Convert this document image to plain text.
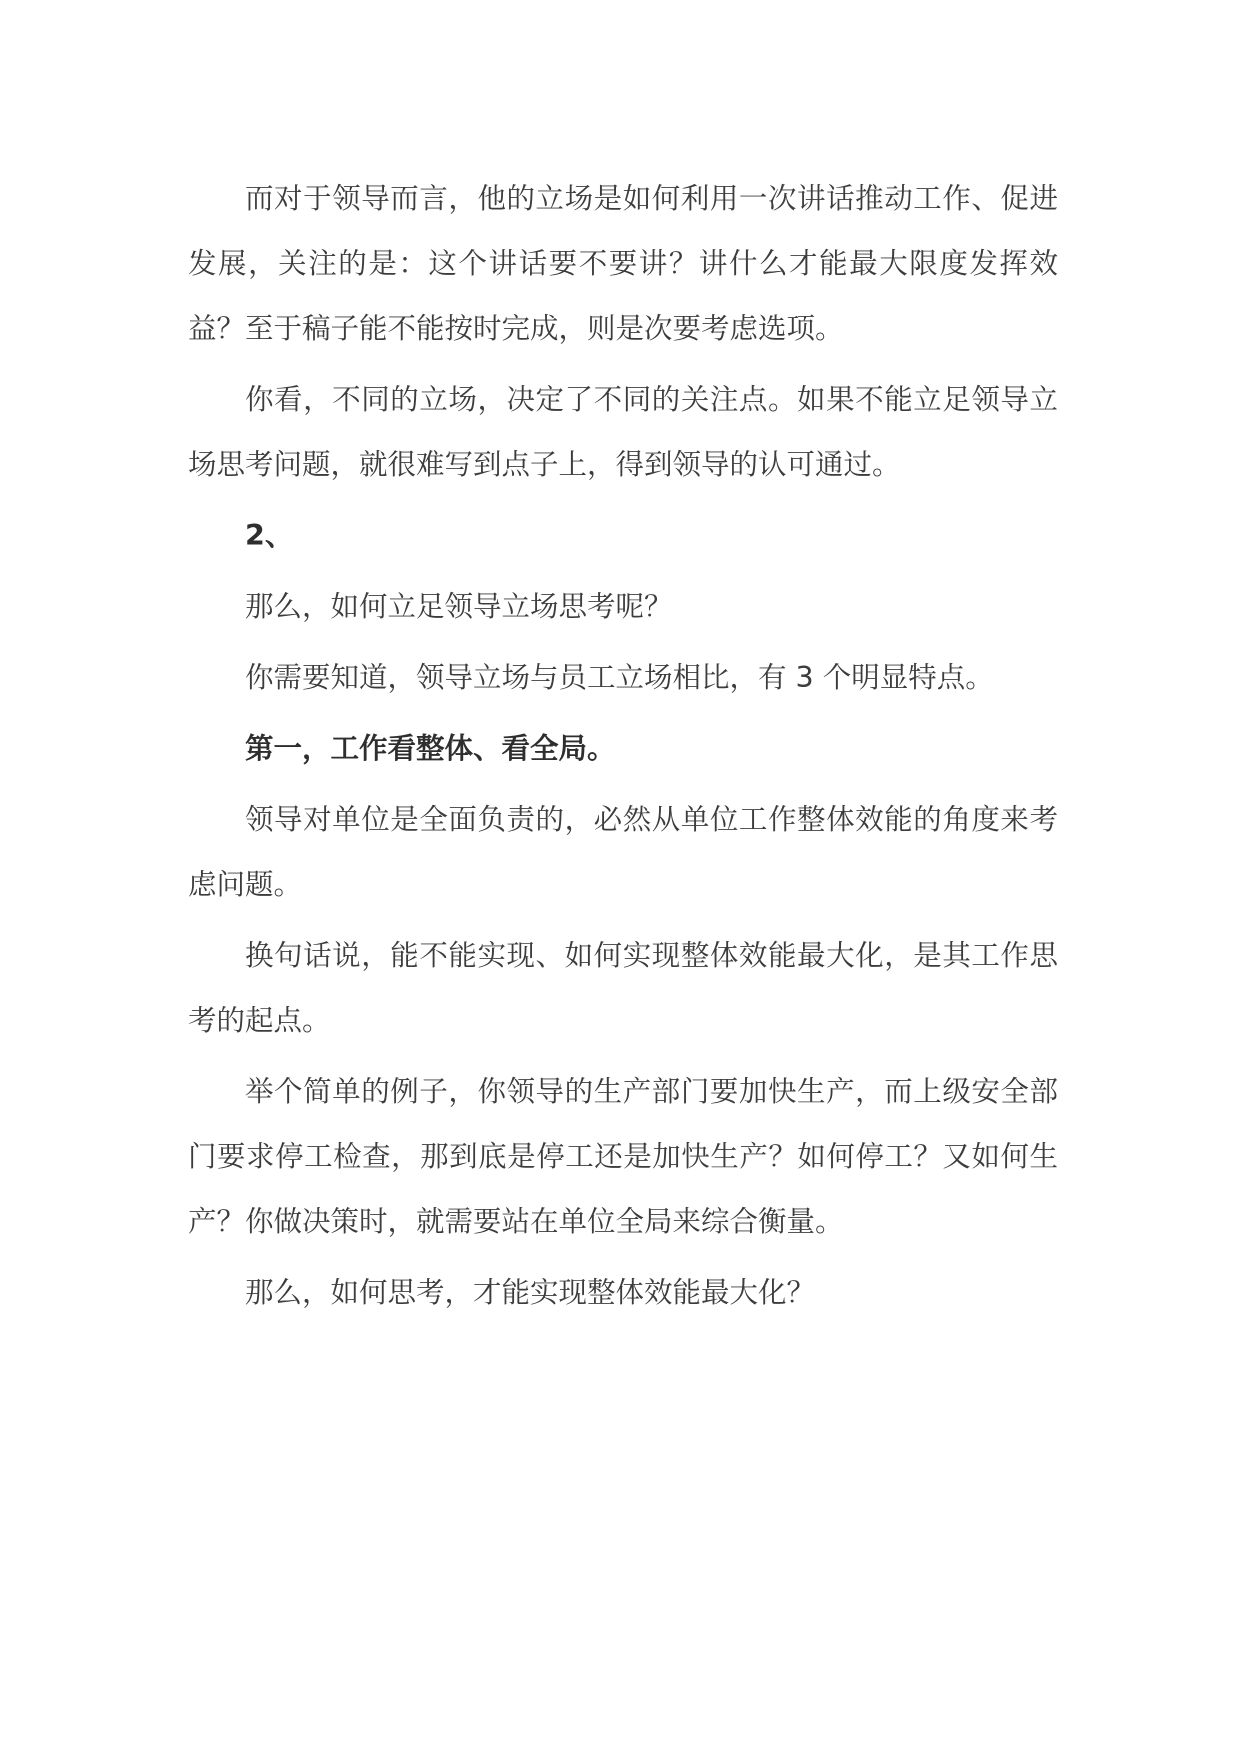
而对于领导而言，他的立场是如何利用一次讲话推动工作、促进发展，关注的是：这个讲话要不要讲？讲什么才能最大限度发挥效益？至于稿子能不能按时完成，则是次要考虑选项。

你看，不同的立场，决定了不同的关注点。如果不能立足领导立场思考问题，就很难写到点子上，得到领导的认可通过。

2、

那么，如何立足领导立场思考呢？

你需要知道，领导立场与员工立场相比，有 3 个明显特点。

第一，工作看整体、看全局。

领导对单位是全面负责的，必然从单位工作整体效能的角度来考虑问题。

换句话说，能不能实现、如何实现整体效能最大化，是其工作思考的起点。

举个简单的例子，你领导的生产部门要加快生产，而上级安全部门要求停工检查，那到底是停工还是加快生产？如何停工？又如何生产？你做决策时，就需要站在单位全局来综合衡量。

那么，如何思考，才能实现整体效能最大化？
